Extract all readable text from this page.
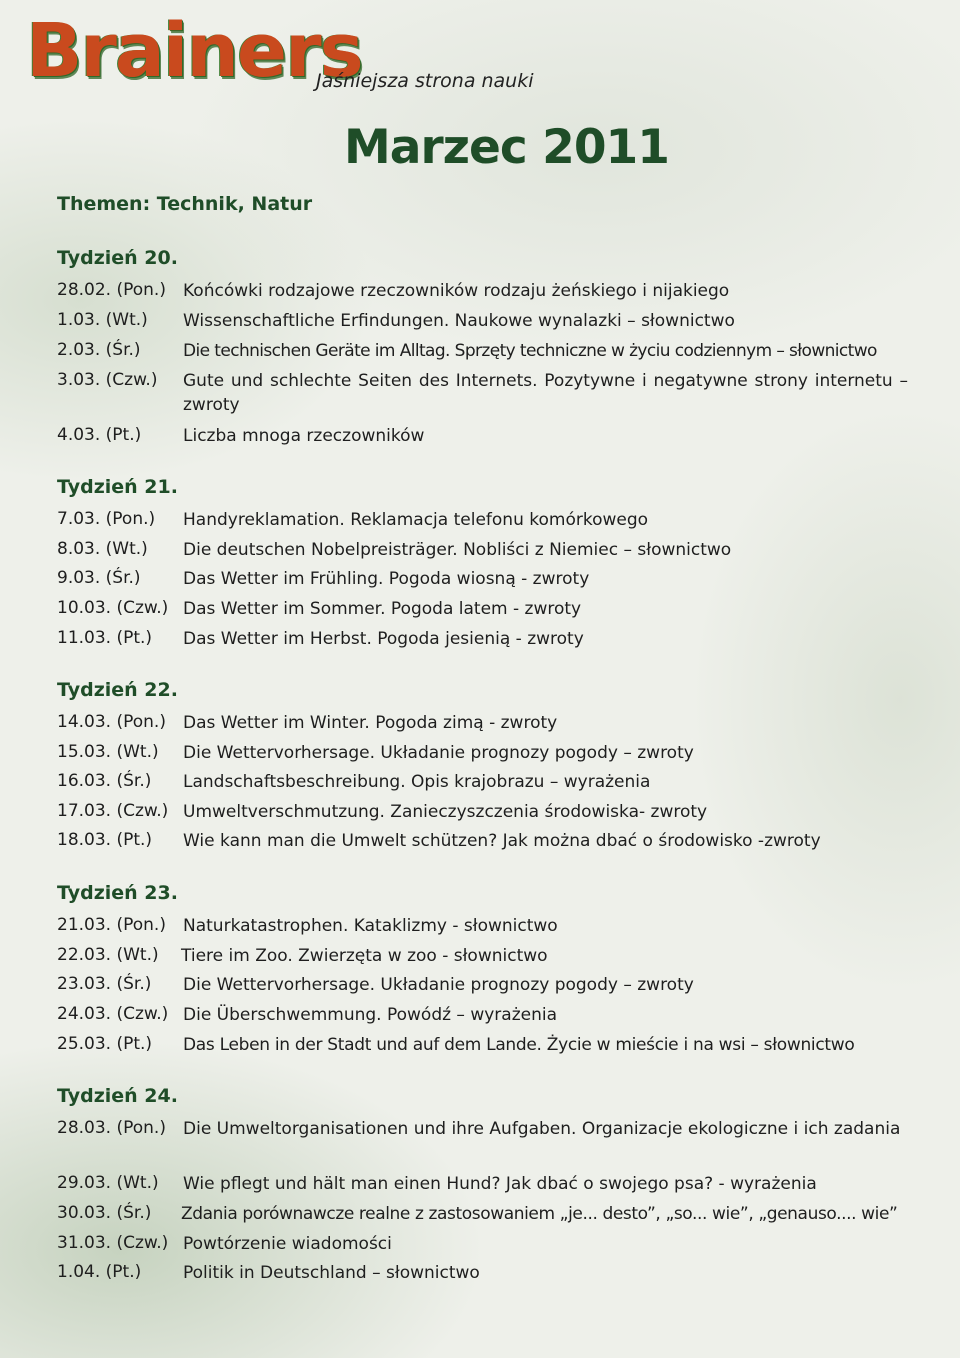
Brainers
Jaśniejsza strona nauki
Marzec 2011
Themen: Technik, Natur
Tydzień 20.
28.02. (Pon.) Końcówki rodzajowe rzeczowników rodzaju żeńskiego i nijakiego
1.03. (Wt.) Wissenschaftliche Erfindungen. Naukowe wynalazki – słownictwo
2.03. (Śr.) Die technischen Geräte im Alltag. Sprzęty techniczne w życiu codziennym – słownictwo
3.03. (Czw.) Gute und schlechte Seiten des Internets. Pozytywne i negatywne strony internetu – zwroty
4.03. (Pt.) Liczba mnoga rzeczowników
Tydzień 21.
7.03. (Pon.) Handyreklamation. Reklamacja telefonu komórkowego
8.03. (Wt.) Die deutschen Nobelpreisträger. Nobliści z Niemiec – słownictwo
9.03. (Śr.) Das Wetter im Frühling. Pogoda wiosną - zwroty
10.03. (Czw.) Das Wetter im Sommer. Pogoda latem - zwroty
11.03. (Pt.) Das Wetter im Herbst. Pogoda jesienią - zwroty
Tydzień 22.
14.03. (Pon.) Das Wetter im Winter. Pogoda zimą - zwroty
15.03. (Wt.) Die Wettervorhersage. Układanie prognozy pogody – zwroty
16.03. (Śr.) Landschaftsbeschreibung. Opis krajobrazu – wyrażenia
17.03. (Czw.) Umweltverschmutzung. Zanieczyszczenia środowiska- zwroty
18.03. (Pt.) Wie kann man die Umwelt schützen? Jak można dbać o środowisko -zwroty
Tydzień 23.
21.03. (Pon.) Naturkatastrophen. Kataklizmy - słownictwo
22.03. (Wt.) Tiere im Zoo. Zwierzęta w zoo - słownictwo
23.03. (Śr.) Die Wettervorhersage. Układanie prognozy pogody – zwroty
24.03. (Czw.) Die Überschwemmung. Powódź – wyrażenia
25.03. (Pt.) Das Leben in der Stadt und auf dem Lande. Życie w mieście i na wsi – słownictwo
Tydzień 24.
28.03. (Pon.) Die Umweltorganisationen und ihre Aufgaben. Organizacje ekologiczne i ich zadania
29.03. (Wt.) Wie pflegt und hält man einen Hund? Jak dbać o swojego psa? - wyrażenia
30.03. (Śr.) Zdania porównawcze realne z zastosowaniem „je... desto”, „so... wie”, „genauso.... wie”
31.03. (Czw.) Powtórzenie wiadomości
1.04. (Pt.) Politik in Deutschland – słownictwo
